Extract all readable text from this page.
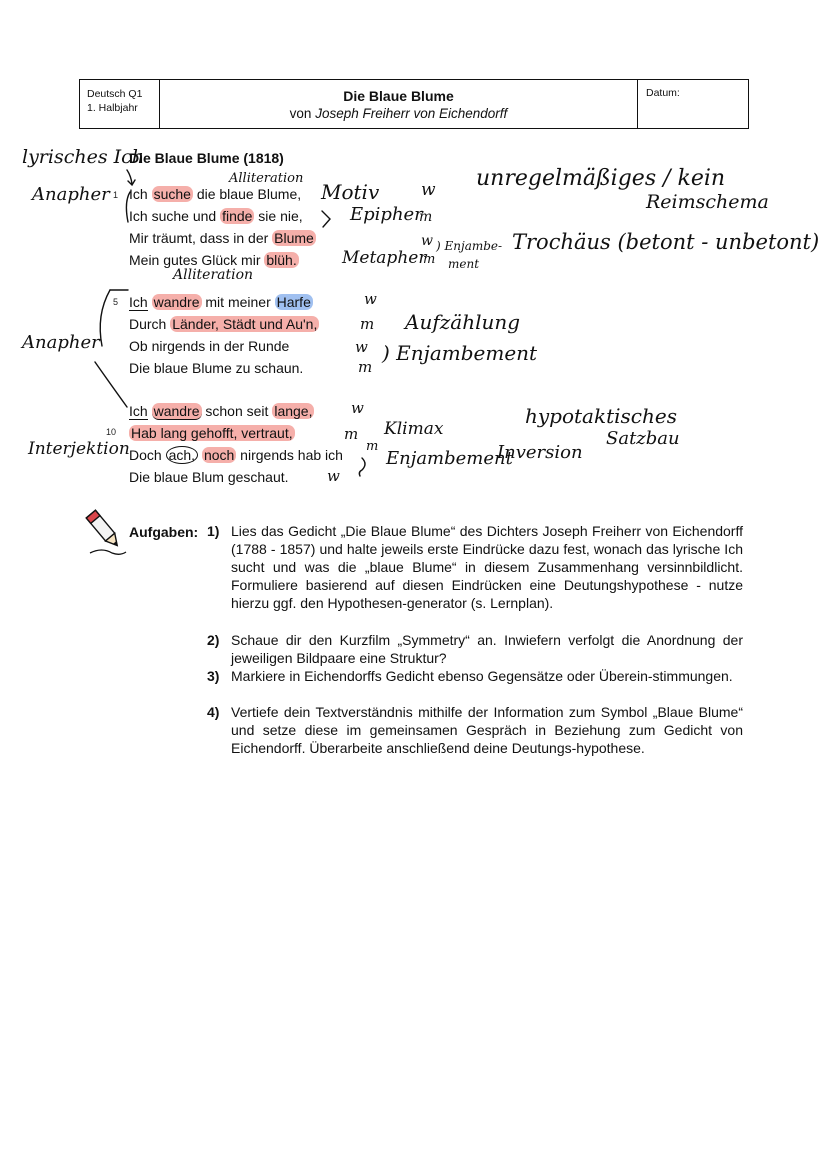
Deutsch Q1
1. Halbjahr
Die Blaue Blume
von Joseph Freiherr von Eichendorff
Datum:
Die Blaue Blume (1818)
1
5
10
Ich suche die blaue Blume,
Ich suche und finde sie nie,
Mir träumt, dass in der Blume
Mein gutes Glück mir blüh.
Ich wandre mit meiner Harfe
Durch Länder, Städt und Au'n,
Ob nirgends in der Runde
Die blaue Blume zu schaun.
Ich wandre schon seit lange,
Hab lang gehofft, vertraut,
Doch ach, noch nirgends hab ich
Die blaue Blum geschaut.
lyrisches Ich
Anapher
Anapher
Interjektion
Alliteration
Alliteration
Motiv
Epipher
Metapher
) Enjambe-
ment
Trochäus (betont - unbetont)
unregelmäßiges / kein
Reimschema
Aufzählung
) Enjambement
Klimax
Enjambement
Inversion
hypotaktisches
Satzbau
w
m
w
m
w
m
w
m
w
m
m
w
Aufgaben: 1) Lies das Gedicht „Die Blaue Blume“ des Dichters Joseph Freiherr von Eichendorff (1788 - 1857) und halte jeweils erste Eindrücke dazu fest, wonach das lyrische Ich sucht und was die „blaue Blume“ in diesem Zusammenhang versinnbildlicht. Formuliere basierend auf diesen Eindrücken eine Deutungshypothese - nutze hierzu ggf. den Hypothesen-generator (s. Lernplan).
2) Schaue dir den Kurzfilm „Symmetry“ an. Inwiefern verfolgt die Anordnung der jeweiligen Bildpaare eine Struktur?
3) Markiere in Eichendorffs Gedicht ebenso Gegensätze oder Überein-stimmungen.
4) Vertiefe dein Textverständnis mithilfe der Information zum Symbol „Blaue Blume“ und setze diese im gemeinsamen Gespräch in Beziehung zum Gedicht von Eichendorff. Überarbeite anschließend deine Deutungs-hypothese.
